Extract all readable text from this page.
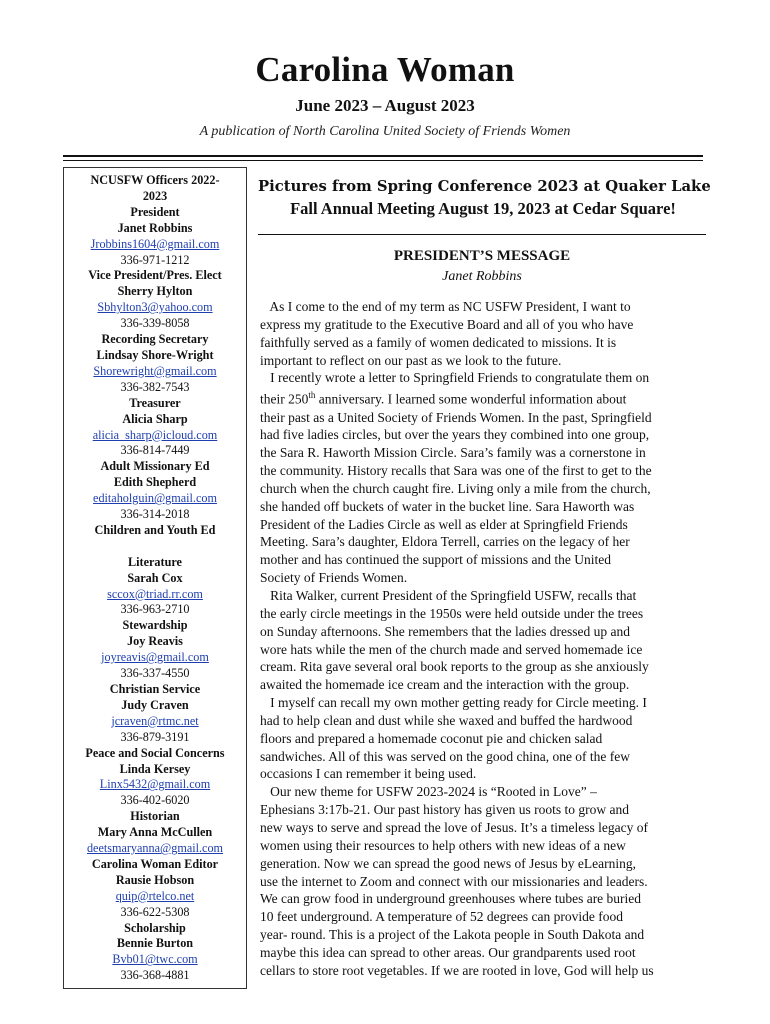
Carolina Woman
June 2023 – August 2023
A publication of North Carolina United Society of Friends Women
NCUSFW Officers 2022-
2023
President
Janet Robbins
Jrobbins1604@gmail.com
336-971-1212
Vice President/Pres. Elect
Sherry Hylton
Sbhylton3@yahoo.com
336-339-8058
Recording Secretary
Lindsay Shore-Wright
Shorewright@gmail.com
336-382-7543
Treasurer
Alicia Sharp
alicia_sharp@icloud.com
336-814-7449
Adult Missionary Ed
Edith Shepherd
editaholguin@gmail.com
336-314-2018
Children and Youth Ed
Literature
Sarah Cox
sccox@triad.rr.com
336-963-2710
Stewardship
Joy Reavis
joyreavis@gmail.com
336-337-4550
Christian Service
Judy Craven
jcraven@rtmc.net
336-879-3191
Peace and Social Concerns
Linda Kersey
Linx5432@gmail.com
336-402-6020
Historian
Mary Anna McCullen
deetsmaryanna@gmail.com
Carolina Woman Editor
Rausie Hobson
quip@rtelco.net
336-622-5308
Scholarship
Bennie Burton
Bvb01@twc.com
336-368-4881
Pictures from Spring Conference 2023 at Quaker Lake
Fall Annual Meeting August 19, 2023 at Cedar Square!
PRESIDENT’S MESSAGE
Janet Robbins
As I come to the end of my term as NC USFW President, I want to
express my gratitude to the Executive Board and all of you who have
faithfully served as a family of women dedicated to missions. It is
important to reflect on our past as we look to the future.
I recently wrote a letter to Springfield Friends to congratulate them on
their 250th anniversary. I learned some wonderful information about
their past as a United Society of Friends Women. In the past, Springfield
had five ladies circles, but over the years they combined into one group,
the Sara R. Haworth Mission Circle. Sara’s family was a cornerstone in
the community. History recalls that Sara was one of the first to get to the
church when the church caught fire. Living only a mile from the church,
she handed off buckets of water in the bucket line. Sara Haworth was
President of the Ladies Circle as well as elder at Springfield Friends
Meeting. Sara’s daughter, Eldora Terrell, carries on the legacy of her
mother and has continued the support of missions and the United
Society of Friends Women.
Rita Walker, current President of the Springfield USFW, recalls that
the early circle meetings in the 1950s were held outside under the trees
on Sunday afternoons. She remembers that the ladies dressed up and
wore hats while the men of the church made and served homemade ice
cream. Rita gave several oral book reports to the group as she anxiously
awaited the homemade ice cream and the interaction with the group.
I myself can recall my own mother getting ready for Circle meeting. I
had to help clean and dust while she waxed and buffed the hardwood
floors and prepared a homemade coconut pie and chicken salad
sandwiches. All of this was served on the good china, one of the few
occasions I can remember it being used.
Our new theme for USFW 2023-2024 is “Rooted in Love” –
Ephesians 3:17b-21. Our past history has given us roots to grow and
new ways to serve and spread the love of Jesus. It’s a timeless legacy of
women using their resources to help others with new ideas of a new
generation. Now we can spread the good news of Jesus by eLearning,
use the internet to Zoom and connect with our missionaries and leaders.
We can grow food in underground greenhouses where tubes are buried
10 feet underground. A temperature of 52 degrees can provide food
year- round. This is a project of the Lakota people in South Dakota and
maybe this idea can spread to other areas. Our grandparents used root
cellars to store root vegetables. If we are rooted in love, God will help us
